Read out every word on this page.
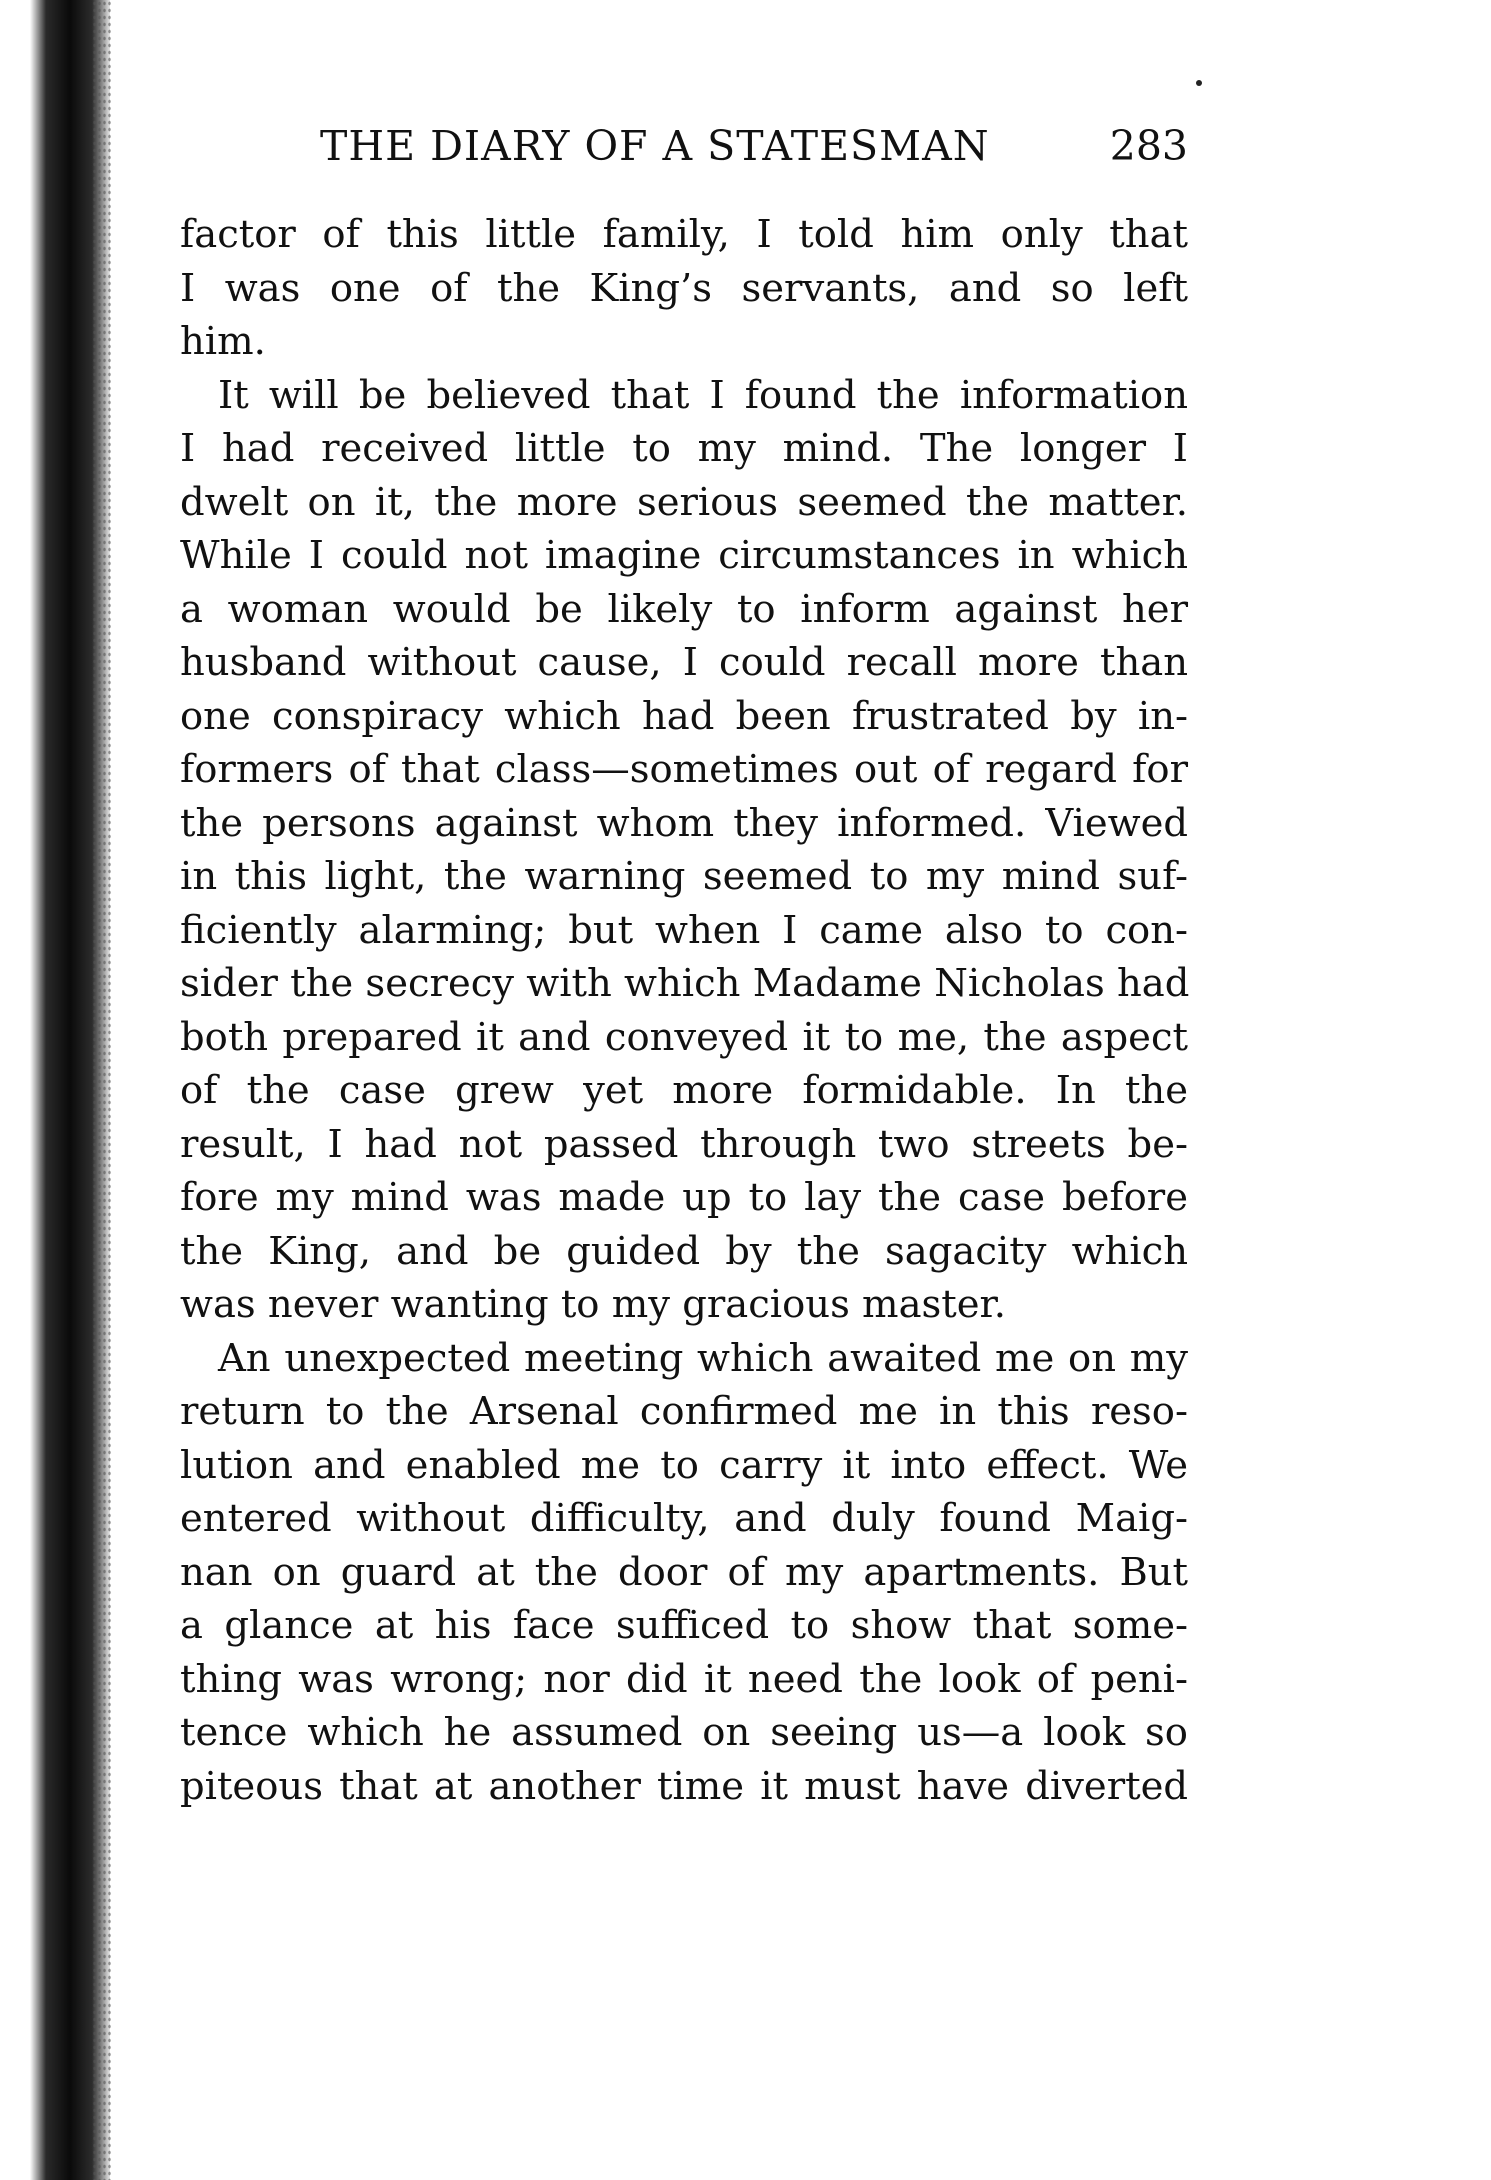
THE DIARY OF A STATESMAN	283
factor of this little family, I told him only that
I was one of the King’s servants, and so left
him.
It will be believed that I found the information
I had received little to my mind. The longer I
dwelt on it, the more serious seemed the matter.
While I could not imagine circumstances in which
a woman would be likely to inform against her
husband without cause, I could recall more than
one conspiracy which had been frustrated by in-
formers of that class—sometimes out of regard for
the persons against whom they informed. Viewed
in this light, the warning seemed to my mind suf-
ficiently alarming; but when I came also to con-
sider the secrecy with which Madame Nicholas had
both prepared it and conveyed it to me, the aspect
of the case grew yet more formidable. In the
result, I had not passed through two streets be-
fore my mind was made up to lay the case before
the King, and be guided by the sagacity which
was never wanting to my gracious master.
An unexpected meeting which awaited me on my
return to the Arsenal confirmed me in this reso-
lution and enabled me to carry it into effect. We
entered without difficulty, and duly found Maig-
nan on guard at the door of my apartments. But
a glance at his face sufficed to show that some-
thing was wrong; nor did it need the look of peni-
tence which he assumed on seeing us—a look so
piteous that at another time it must have diverted
